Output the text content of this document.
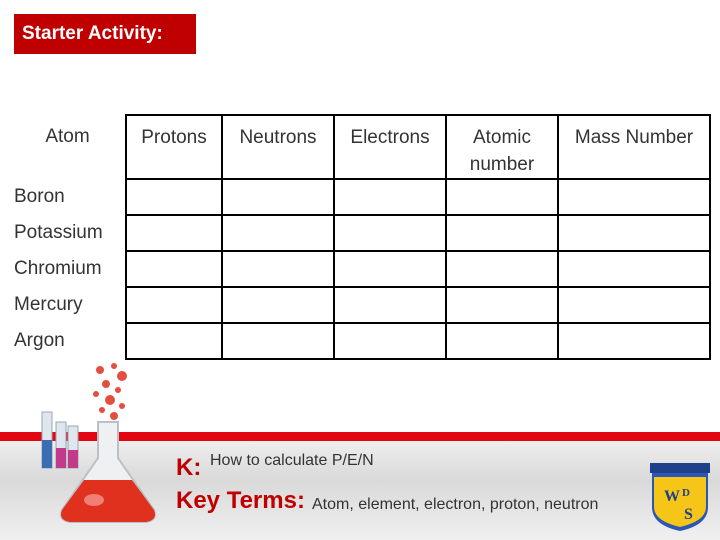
Starter Activity:
Atom	Protons	Neutrons	Electrons	Atomic number	Mass Number
Boron					
Potassium					
Chromium					
Mercury					
Argon					
K: How to calculate P/E/N
Key Terms: Atom, element, electron, proton, neutron	W D
S
